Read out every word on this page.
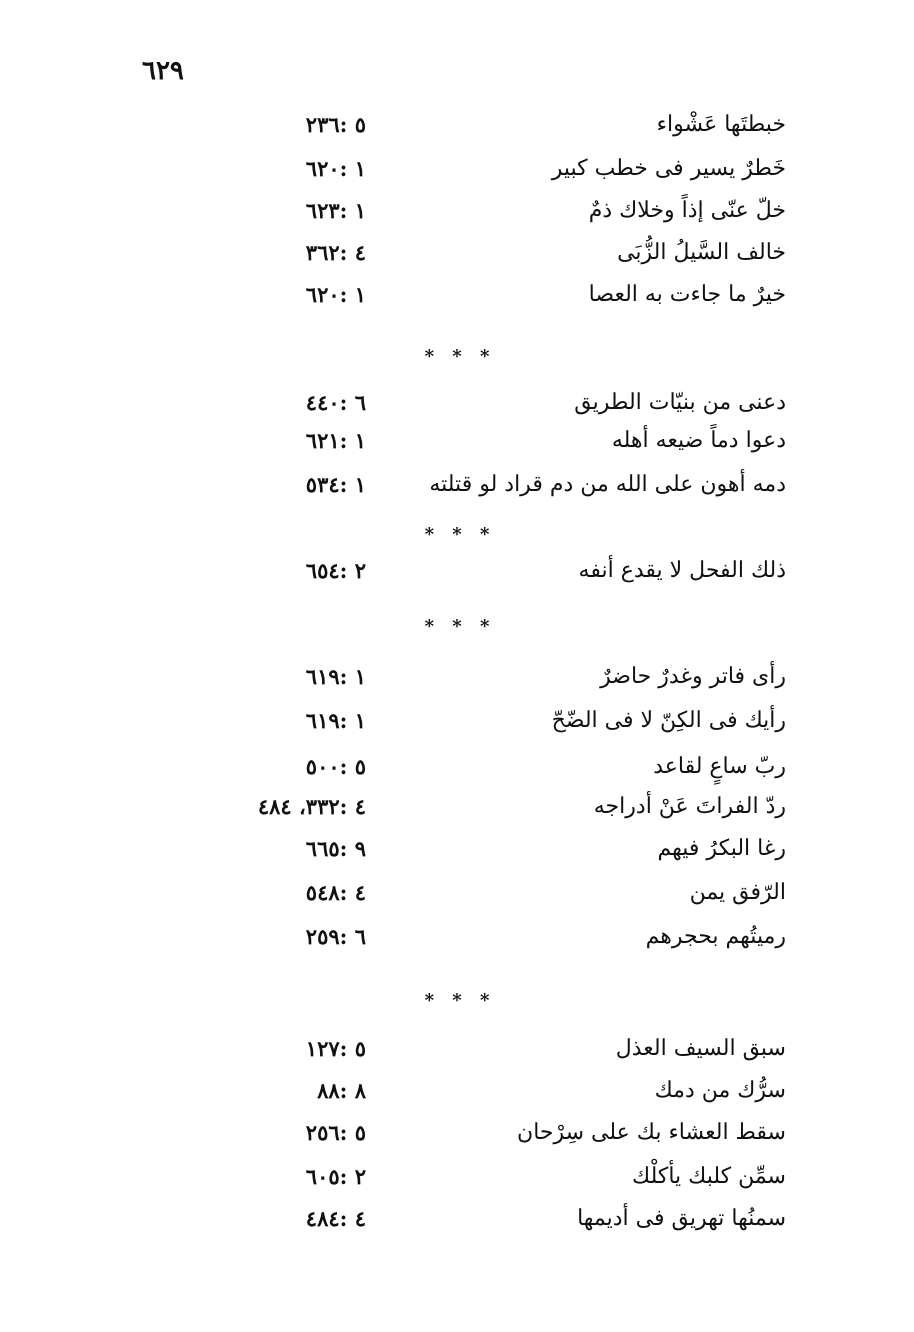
٦٢٩
خبطتَها عَشْواء
٥ :٢٣٦
خَطرٌ يسير فى خطب كبير
١ :٦٢٠
خلّ عنّى إذاً وخلاك ذمٌ
١ :٦٢٣
خالف السَّيلُ الزُّبَى
٤ :٣٦٢
خيرٌ ما جاءت به العصا
١ :٦٢٠
* * *
دعنى من بنيّات الطريق
٦ :٤٤٠
دعوا دماً ضيعه أهله
١ :٦٢١
دمه أهون على الله من دم قراد لو قتلته
١ :٥٣٤
* * *
ذلك الفحل لا يقدع أنفه
٢ :٦٥٤
* * *
رأى فاتر وغدرٌ حاضرٌ
١ :٦١٩
رأيك فى الكِنّ لا فى الضّحّ
١ :٦١٩
ربّ ساعٍ لقاعد
٥ :٥٠٠
ردّ الفراتَ عَنْ أدراجه
٤ :٣٣٢، ٤٨٤
رغا البكرُ فيهم
٩ :٦٦٥
الرّفق يمن
٤ :٥٤٨
رميتُهم بحجرهم
٦ :٢٥٩
* * *
سبق السيف العذل
٥ :١٢٧
سرُّك من دمك
٨ :٨٨
سقط العشاء بك على سِرْحان
٥ :٢٥٦
سمِّن كلبك يأكلْك
٢ :٦٠٥
سمنُها تهريق فى أديمها
٤ :٤٨٤
